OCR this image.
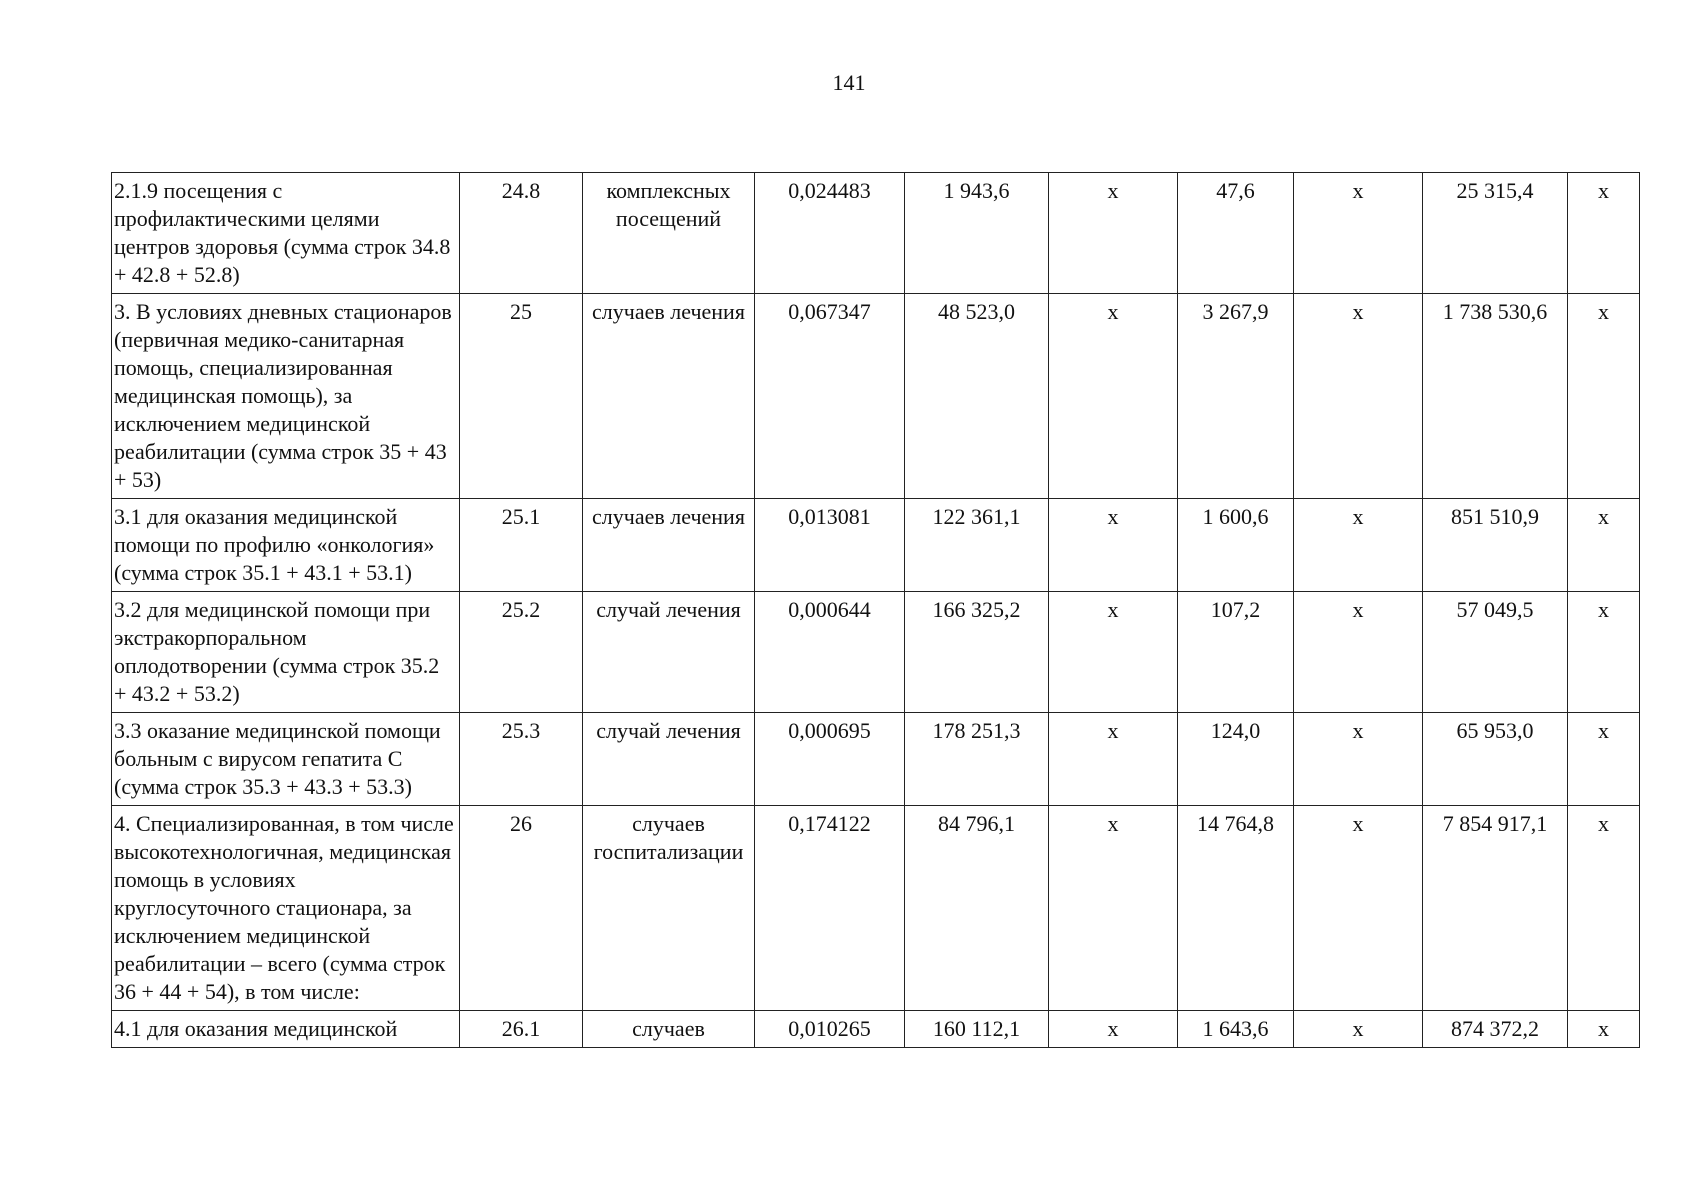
141
2.1.9 посещения с профилактическими целями центров здоровья (сумма строк 34.8 + 42.8 + 52.8)	24.8	комплексных посещений	0,024483	1 943,6	х	47,6	х	25 315,4	х
3. В условиях дневных стационаров (первичная медико-санитарная помощь, специализированная медицинская помощь), за исключением медицинской реабилитации (сумма строк 35 + 43 + 53)	25	случаев лечения	0,067347	48 523,0	х	3 267,9	х	1 738 530,6	х
3.1 для оказания медицинской помощи по профилю «онкология» (сумма строк 35.1 + 43.1 + 53.1)	25.1	случаев лечения	0,013081	122 361,1	х	1 600,6	х	851 510,9	х
3.2 для медицинской помощи при экстракорпоральном оплодотворении (сумма строк 35.2 + 43.2 + 53.2)	25.2	случай лечения	0,000644	166 325,2	х	107,2	х	57 049,5	х
3.3 оказание медицинской помощи больным с вирусом гепатита С (сумма строк 35.3 + 43.3 + 53.3)	25.3	случай лечения	0,000695	178 251,3	х	124,0	х	65 953,0	х
4. Специализированная, в том числе высокотехнологичная, медицинская помощь в условиях круглосуточного стационара, за исключением медицинской реабилитации – всего (сумма строк 36 + 44 + 54), в том числе:	26	случаев госпитализации	0,174122	84 796,1	х	14 764,8	х	7 854 917,1	х
4.1 для оказания медицинской	26.1	случаев	0,010265	160 112,1	х	1 643,6	х	874 372,2	х
